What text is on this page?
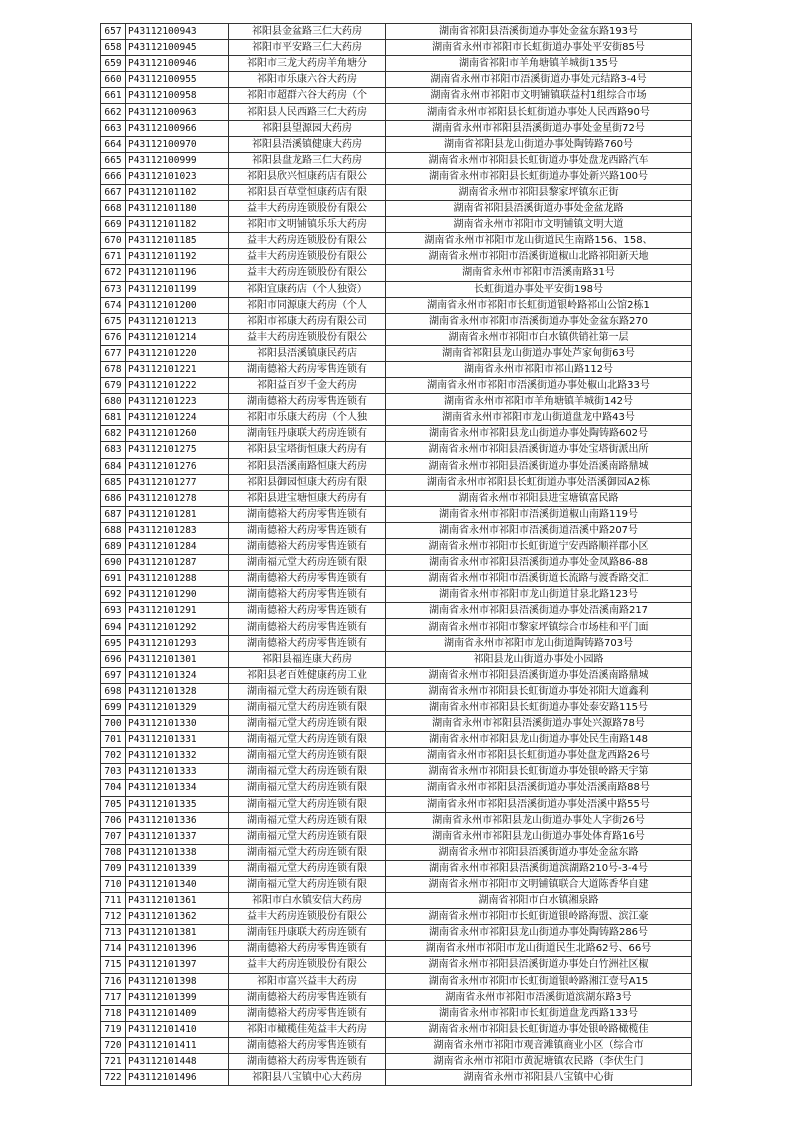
657	P43112100943	祁阳县金盆路三仁大药房	湖南省祁阳县浯溪街道办事处金盆东路193号
658	P43112100945	祁阳市平安路三仁大药房	湖南省永州市祁阳市长虹街道办事处平安街85号
659	P43112100946	祁阳市三龙大药房羊角塘分	湖南省祁阳市羊角塘镇羊城街135号
660	P43112100955	祁阳市乐康六谷大药房	湖南省永州市祁阳市浯溪街道办事处元结路3-4号
661	P43112100958	祁阳市超群六谷大药房（个	湖南省永州市祁阳市文明铺镇联益村1组综合市场
662	P43112100963	祁阳县人民西路三仁大药房	湖南省永州市祁阳县长虹街道办事处人民西路90号
663	P43112100966	祁阳县望源园大药房	湖南省永州市祁阳县浯溪街道办事处金星街72号
664	P43112100970	祁阳县浯溪镇健康大药房	湖南省祁阳县龙山街道办事处陶铸路760号
665	P43112100999	祁阳县盘龙路三仁大药房	湖南省永州市祁阳县长虹街道办事处盘龙西路汽车
666	P43112101023	祁阳县欣兴恒康药店有限公	湖南省永州市祁阳县长虹街道办事处新兴路100号
667	P43112101102	祁阳县百草堂恒康药店有限	湖南省永州市祁阳县黎家坪镇东正街
668	P43112101180	益丰大药房连锁股份有限公	湖南省祁阳县浯溪街道办事处金盆龙路
669	P43112101182	祁阳市文明铺镇乐乐大药房	湖南省永州市祁阳市文明铺镇文明大道
670	P43112101185	益丰大药房连锁股份有限公	湖南省永州市祁阳市龙山街道民生南路156、158、
671	P43112101192	益丰大药房连锁股份有限公	湖南省永州市祁阳市浯溪街道椒山北路祁阳新天地
672	P43112101196	益丰大药房连锁股份有限公	湖南省永州市祁阳市浯溪南路31号
673	P43112101199	祁阳宜康药店（个人独资）	长虹街道办事处平安街198号
674	P43112101200	祁阳市同源康大药房（个人	湖南省永州市祁阳市长虹街道银岭路祁山公馆2栋1
675	P43112101213	祁阳市祁康大药房有限公司	湖南省永州市祁阳市浯溪街道办事处金盆东路270
676	P43112101214	益丰大药房连锁股份有限公	湖南省永州市祁阳市白水镇供销社第一层
677	P43112101220	祁阳县浯溪镇康民药店	湖南省祁阳县龙山街道办事处芦家甸街63号
678	P43112101221	湖南德裕大药房零售连锁有	湖南省永州市祁阳市祁山路112号
679	P43112101222	祁阳益百岁千金大药房	湖南省永州市祁阳市浯溪街道办事处椒山北路33号
680	P43112101223	湖南德裕大药房零售连锁有	湖南省永州市祁阳市羊角塘镇羊城街142号
681	P43112101224	祁阳市乐康大药房（个人独	湖南省永州市祁阳市龙山街道盘龙中路43号
682	P43112101260	湖南钰丹康联大药房连锁有	湖南省永州市祁阳县龙山街道办事处陶铸路602号
683	P43112101275	祁阳县宝塔街恒康大药房有	湖南省永州市祁阳县浯溪街道办事处宝塔街派出所
684	P43112101276	祁阳县浯溪南路恒康大药房	湖南省永州市祁阳县浯溪街道办事处浯溪南路鼎城
685	P43112101277	祁阳县御园恒康大药房有限	湖南省永州市祁阳县长虹街道办事处浯溪御园A2栋
686	P43112101278	祁阳县进宝塘恒康大药房有	湖南省永州市祁阳县进宝塘镇富民路
687	P43112101281	湖南德裕大药房零售连锁有	湖南省永州市祁阳市浯溪街道椒山南路119号
688	P43112101283	湖南德裕大药房零售连锁有	湖南省永州市祁阳市浯溪街道浯溪中路207号
689	P43112101284	湖南德裕大药房零售连锁有	湖南省永州市祁阳市长虹街道宁安西路顺祥郡小区
690	P43112101287	湖南福元堂大药房连锁有限	湖南省永州市祁阳县浯溪街道办事处金凤路86-88
691	P43112101288	湖南德裕大药房零售连锁有	湖南省永州市祁阳市浯溪街道长流路与渡香路交汇
692	P43112101290	湖南德裕大药房零售连锁有	湖南省永州市祁阳市龙山街道甘泉北路123号
693	P43112101291	湖南德裕大药房零售连锁有	湖南省永州市祁阳县浯溪街道办事处浯溪南路217
694	P43112101292	湖南德裕大药房零售连锁有	湖南省永州市祁阳市黎家坪镇综合市场桂和平门面
695	P43112101293	湖南德裕大药房零售连锁有	湖南省永州市祁阳市龙山街道陶铸路703号
696	P43112101301	祁阳县福连康大药房	祁阳县龙山街道办事处小园路
697	P43112101324	祁阳县老百姓健康药房工业	湖南省永州市祁阳县浯溪街道办事处浯溪南路鼎城
698	P43112101328	湖南福元堂大药房连锁有限	湖南省永州市祁阳县长虹街道办事处祁阳大道鑫利
699	P43112101329	湖南福元堂大药房连锁有限	湖南省永州市祁阳县长虹街道办事处泰安路115号
700	P43112101330	湖南福元堂大药房连锁有限	湖南省永州市祁阳县浯溪街道办事处兴源路78号
701	P43112101331	湖南福元堂大药房连锁有限	湖南省永州市祁阳县龙山街道办事处民生南路148
702	P43112101332	湖南福元堂大药房连锁有限	湖南省永州市祁阳县长虹街道办事处盘龙西路26号
703	P43112101333	湖南福元堂大药房连锁有限	湖南省永州市祁阳县长虹街道办事处银岭路天宇第
704	P43112101334	湖南福元堂大药房连锁有限	湖南省永州市祁阳县浯溪街道办事处浯溪南路88号
705	P43112101335	湖南福元堂大药房连锁有限	湖南省永州市祁阳县浯溪街道办事处浯溪中路55号
706	P43112101336	湖南福元堂大药房连锁有限	湖南省永州市祁阳县龙山街道办事处人字街26号
707	P43112101337	湖南福元堂大药房连锁有限	湖南省永州市祁阳县龙山街道办事处体育路16号
708	P43112101338	湖南福元堂大药房连锁有限	湖南省永州市祁阳县浯溪街道办事处金盆东路
709	P43112101339	湖南福元堂大药房连锁有限	湖南省永州市祁阳县浯溪街道滨湖路210号-3-4号
710	P43112101340	湖南福元堂大药房连锁有限	湖南省永州市祁阳市文明铺镇联合大道陈香华自建
711	P43112101361	祁阳市白水镇安信大药房	湖南省祁阳市白水镇湘泉路
712	P43112101362	益丰大药房连锁股份有限公	湖南省永州市祁阳市长虹街道银岭路海盟、滨江豪
713	P43112101381	湖南钰丹康联大药房连锁有	湖南省永州市祁阳县龙山街道办事处陶铸路286号
714	P43112101396	湖南德裕大药房零售连锁有	湖南省永州市祁阳市龙山街道民生北路62号、66号
715	P43112101397	益丰大药房连锁股份有限公	湖南省永州市祁阳县浯溪街道办事处白竹洲社区椒
716	P43112101398	祁阳市富兴益丰大药房	湖南省永州市祁阳市长虹街道银岭路湘江壹号A15
717	P43112101399	湖南德裕大药房零售连锁有	湖南省永州市祁阳市浯溪街道滨湖东路3号
718	P43112101409	湖南德裕大药房零售连锁有	湖南省永州市祁阳市长虹街道盘龙西路133号
719	P43112101410	祁阳市橄榄佳苑益丰大药房	湖南省永州市祁阳县长虹街道办事处银岭路橄榄佳
720	P43112101411	湖南德裕大药房零售连锁有	湖南省永州市祁阳市观音滩镇商业小区（综合市
721	P43112101448	湖南德裕大药房零售连锁有	湖南省永州市祁阳市黄泥塘镇农民路（李伏生门
722	P43112101496	祁阳县八宝镇中心大药房	湖南省永州市祁阳县八宝镇中心街
